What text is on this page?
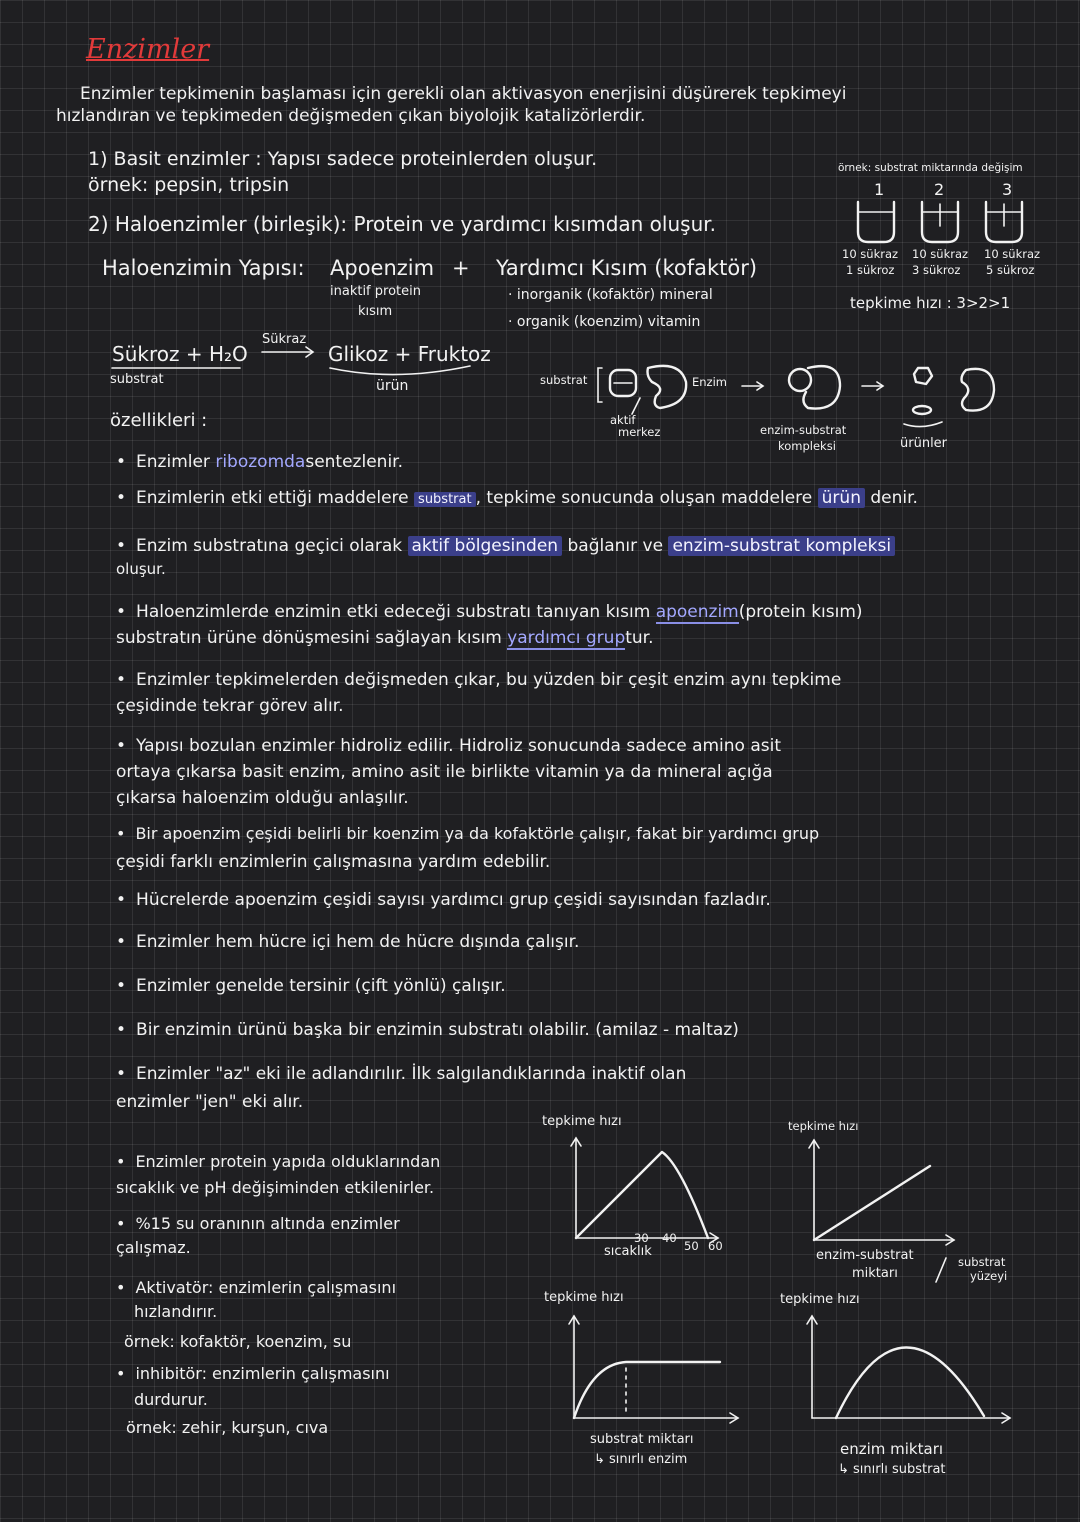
Enzimler
Enzimler tepkimenin başlaması için gerekli olan aktivasyon enerjisini düşürerek tepkimeyi
hızlandıran ve tepkimeden değişmeden çıkan biyolojik katalizörlerdir.
1) Basit enzimler : Yapısı sadece proteinlerden oluşur.
örnek: pepsin, tripsin
2) Haloenzimler (birleşik): Protein ve yardımcı kısımdan oluşur.
Haloenzimin Yapısı: Apoenzim + Yardımcı Kısım (kofaktör)
inaktif protein
kısım
· inorganik (kofaktör) mineral
· organik (koenzim) vitamin
Sükroz + H₂O
Sükraz
Glikoz + Fruktoz
substrat	ürün
örnek: substrat miktarında değişim
1	2	3
10 sükraz
1 sükroz
10 sükraz
3 sükroz
10 sükraz
5 sükroz
tepkime hızı : 3>2>1
substrat	Enzim
aktif
merkez	enzim-substrat
kompleksi	ürünler
özellikleri :
• Enzimler ribozomdasentezlenir.
• Enzimlerin etki ettiği maddelere substrat , tepkime sonucunda oluşan maddelere ürün denir.
• Enzim substratına geçici olarak aktif bölgesinden bağlanır ve enzim-substrat kompleksi
oluşur.
• Haloenzimlerde enzimin etki edeceği substratı tanıyan kısım apoenzim(protein kısım)
substratın ürüne dönüşmesini sağlayan kısım yardımcı gruptur.
• Enzimler tepkimelerden değişmeden çıkar, bu yüzden bir çeşit enzim aynı tepkime
çeşidinde tekrar görev alır.
• Yapısı bozulan enzimler hidroliz edilir. Hidroliz sonucunda sadece amino asit
ortaya çıkarsa basit enzim, amino asit ile birlikte vitamin ya da mineral açığa
çıkarsa haloenzim olduğu anlaşılır.
• Bir apoenzim çeşidi belirli bir koenzim ya da kofaktörle çalışır, fakat bir yardımcı grup
çeşidi farklı enzimlerin çalışmasına yardım edebilir.
• Hücrelerde apoenzim çeşidi sayısı yardımcı grup çeşidi sayısından fazladır.
• Enzimler hem hücre içi hem de hücre dışında çalışır.
• Enzimler genelde tersinir (çift yönlü) çalışır.
• Bir enzimin ürünü başka bir enzimin substratı olabilir. (amilaz - maltaz)
• Enzimler "az" eki ile adlandırılır. İlk salgılandıklarında inaktif olan
enzimler "jen" eki alır.
• Enzimler protein yapıda olduklarından
sıcaklık ve pH değişiminden etkilenirler.
• %15 su oranının altında enzimler
çalışmaz.
• Aktivatör: enzimlerin çalışmasını
hızlandırır.
örnek: kofaktör, koenzim, su
• inhibitör: enzimlerin çalışmasını
durdurur.
örnek: zehir, kurşun, cıva
tepkime hızı
30 40
50 60
sıcaklık
tepkime hızı
enzim-substrat
miktarı
substrat
yüzeyi
tepkime hızı
substrat miktarı
↳ sınırlı enzim
tepkime hızı
enzim miktarı
↳ sınırlı substrat
